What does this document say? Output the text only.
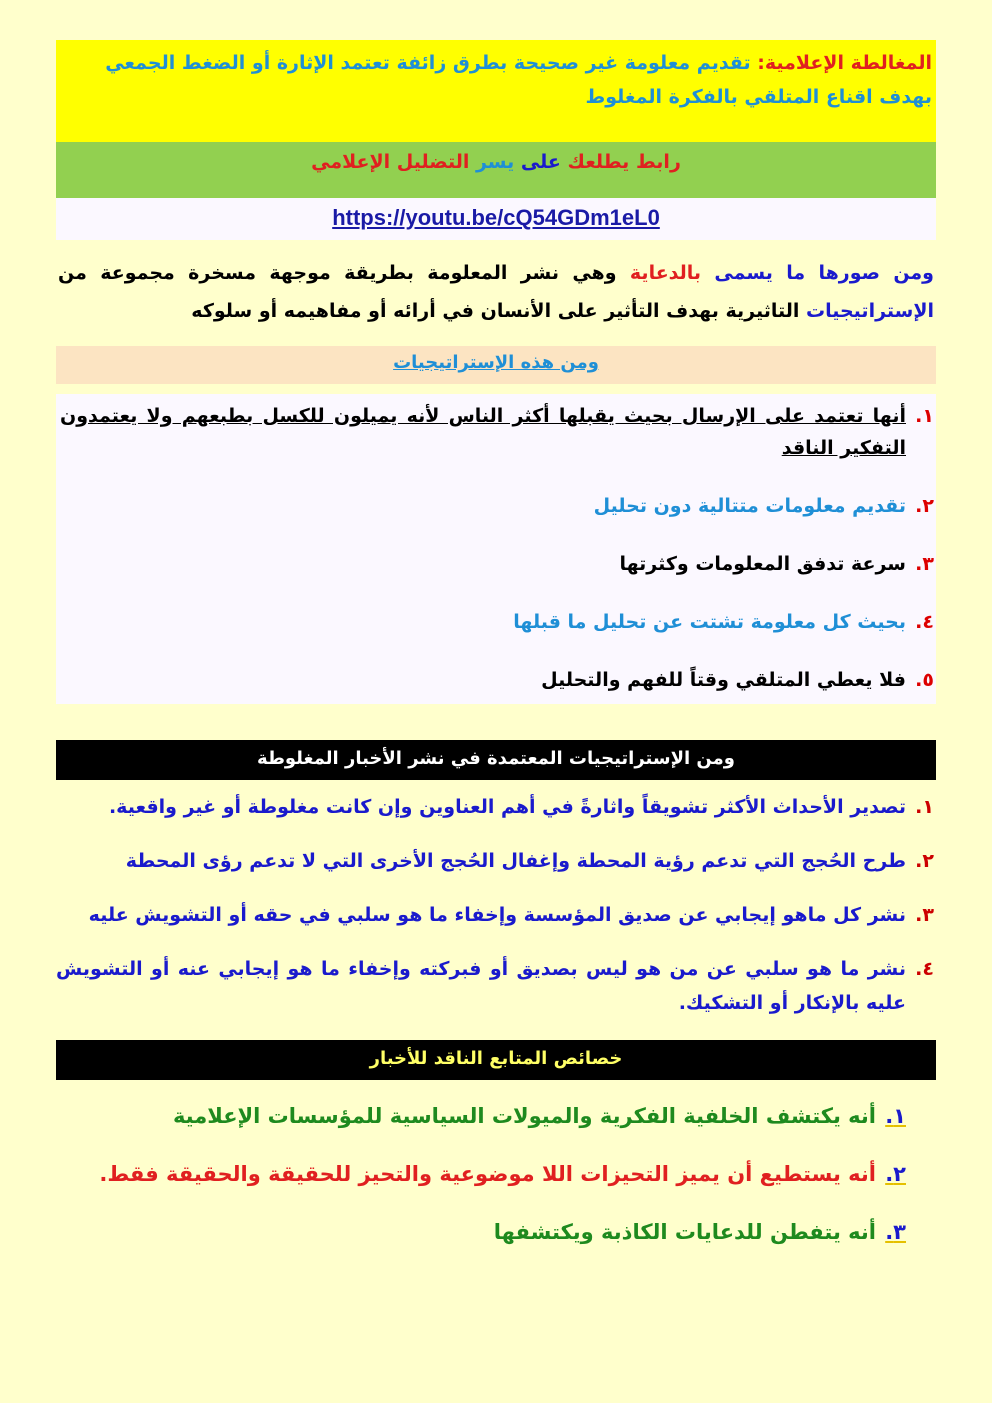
المغالطة الإعلامية: تقديم معلومة غير صحيحة بطرق زائفة تعتمد الإثارة أو الضغط الجمعي بهدف اقناع المتلقي بالفكرة المغلوط
رابط يطلعك على يسر التضليل الإعلامي
https://youtu.be/cQ54GDm1eL0
ومن صورها ما يسمى بالدعاية وهي نشر المعلومة بطريقة موجهة مسخرة مجموعة من الإستراتيجيات التاثيرية بهدف التأثير على الأنسان في أرائه أو مفاهيمه أو سلوكه
ومن هذه الإستراتيجيات
١.
أنها تعتمد على الإرسال بحيث يقبلها أكثر الناس لأنه يميلون للكسل بطبعهم ولا يعتمدون التفكير الناقد
٢.
تقديم معلومات متتالية دون تحليل
٣.
سرعة تدفق المعلومات وكثرتها
٤.
بحيث كل معلومة تشتت عن تحليل ما قبلها
٥.
فلا يعطي المتلقي وقتاً للفهم والتحليل
ومن الإستراتيجيات المعتمدة في نشر الأخبار المغلوطة
١.
تصدير الأحداث الأكثر تشويقاً واثارةً في أهم العناوين وإن كانت مغلوطة أو غير واقعية.
٢.
طرح الحُجج التي تدعم رؤية المحطة وإغفال الحُجج الأخرى التي لا تدعم رؤى المحطة
٣.
نشر كل ماهو إيجابي عن صديق المؤسسة وإخفاء ما هو سلبي في حقه أو التشويش عليه
٤.
نشر ما هو سلبي عن من هو ليس بصديق أو فبركته وإخفاء ما هو إيجابي عنه أو التشويش عليه بالإنكار أو التشكيك.
خصائص المتابع الناقد للأخبار
١.
أنه يكتشف الخلفية الفكرية والميولات السياسية للمؤسسات الإعلامية
٢.
أنه يستطيع أن يميز التحيزات اللا موضوعية والتحيز للحقيقة والحقيقة فقط.
٣.
أنه يتفطن للدعايات الكاذبة ويكتشفها
